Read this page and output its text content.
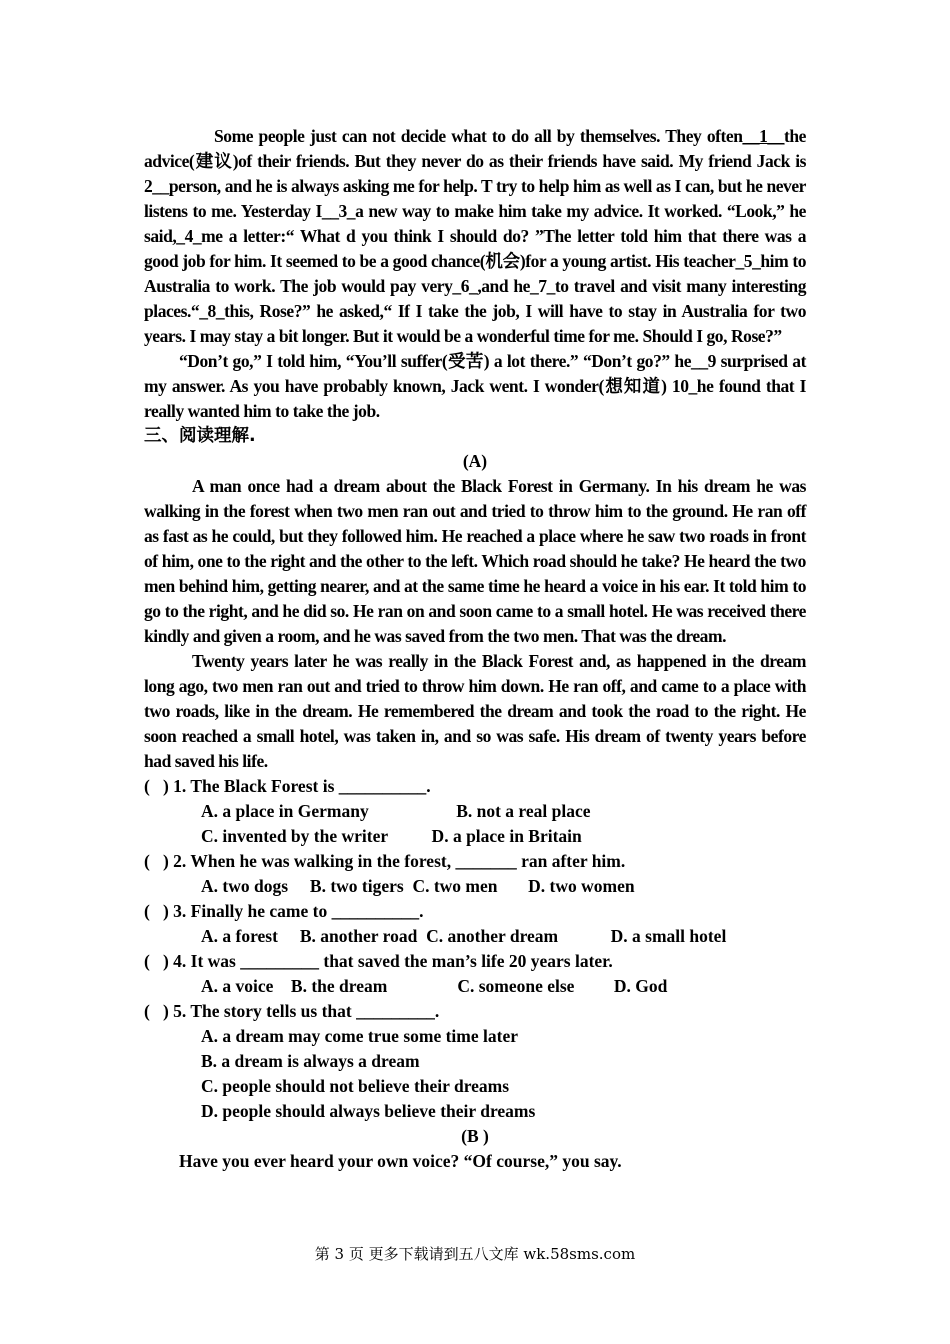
Some people just can not decide what to do all by themselves. They often__1__the advice(建议)of their friends. But they never do as their friends have said. My friend Jack is 2__person, and he is always asking me for help. T try to help him as well as I can, but he never listens to me. Yesterday I__3_a new way to make him take my advice. It worked. “Look,” he said,_4_me a letter:“ What d you think I should do? ”The letter told him that there was a good job for him. It seemed to be a good chance(机会)for a young artist. His teacher_5_him to Australia to work. The job would pay very_6_,and he_7_to travel and visit many interesting places.“_8_this, Rose?” he asked,“ If I take the job, I will have to stay in Australia for two years. I may stay a bit longer. But it would be a wonderful time for me. Should I go, Rose?”

“Don’t go,” I told him, “You’ll suffer(受苦) a lot there.” “Don’t go?” he__9 surprised at my answer. As you have probably known, Jack went. I wonder(想知道) 10_he found that I really wanted him to take the job.

三、阅读理解.

(A)

A man once had a dream about the Black Forest in Germany. In his dream he was walking in the forest when two men ran out and tried to throw him to the ground. He ran off as fast as he could, but they followed him. He reached a place where he saw two roads in front of him, one to the right and the other to the left. Which road should he take? He heard the two men behind him, getting nearer, and at the same time he heard a voice in his ear. It told him to go to the right, and he did so. He ran on and soon came to a small hotel. He was received there kindly and given a room, and he was saved from the two men. That was the dream.

Twenty years later he was really in the Black Forest and, as happened in the dream long ago, two men ran out and tried to throw him down. He ran off, and came to a place with two roads, like in the dream. He remembered the dream and took the road to the right. He soon reached a small hotel, was taken in, and so was safe. His dream of twenty years before had saved his life.

(   ) 1. The Black Forest is __________.

A. a place in Germany                    B. not a real place

C. invented by the writer          D. a place in Britain

(   ) 2. When he was walking in the forest, _______ ran after him.

A. two dogs     B. two tigers  C. two men       D. two women

(   ) 3. Finally he came to __________.

A. a forest     B. another road  C. another dream            D. a small hotel

(   ) 4. It was _________ that saved the man’s life 20 years later.

A. a voice    B. the dream                C. someone else         D. God

(   ) 5. The story tells us that _________.

A. a dream may come true some time later

B. a dream is always a dream

C. people should not believe their dreams

D. people should always believe their dreams

(B )

Have you ever heard your own voice? “Of course,” you say.

第 3 页 更多下载请到五八文库 wk.58sms.com
